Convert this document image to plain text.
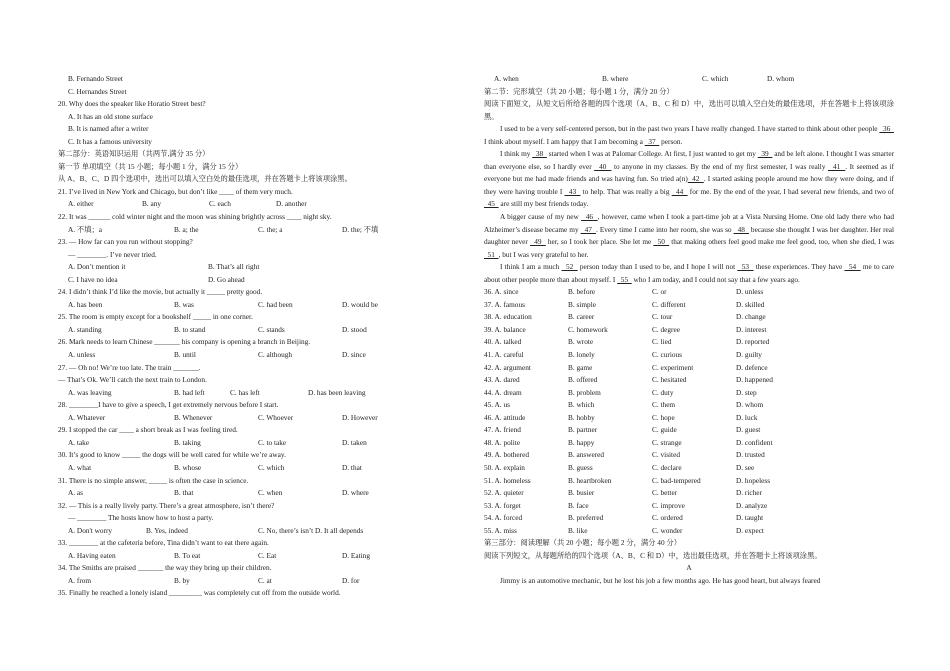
B. Fernando Street
C. Hernandes Street
20. Why does the speaker like Horatio Street best?
A. It has an old stone surface
B. It is named after a writer
C. It has a famous university
第二部分：英语知识运用（共两节,满分 35 分）
第一节 单项填空（共 15 小题；每小题 1 分，满分 15 分）
从 A、B、C、D 四个选项中，选出可以填入空白处的最佳选项，并在答题卡上将该项涂黑。
21. I’ve lived in New York and Chicago, but don’t like ____ of them very much.
A. either	B. any	C. each	D. another
22. It was ______ cold winter night and the moon was shining brightly across ____ night sky.
A. 不填；a	B. a; the	C. the; a	D. the; 不填
23. — How far can you run without stopping?
— ________. I’ve never tried.
A. Don’t mention it	B. That’s all right
C. I have no idea	D. Go ahead
24. I didn’t think I’d like the movie, but actually it _____ pretty good.
A. has been	B. was	C. had been	D. would be
25. The room is empty except for a bookshelf _____ in one corner.
A. standing	B. to stand	C. stands	D. stood
26. Mark needs to learn Chinese _______ his company is opening a branch in Beijing.
A. unless	B. until	C. although	D. since
27. — Oh no! We’re too late. The train _______.
— That’s Ok. We’ll catch the next train to London.
A. was leaving	B. had left	C. has left	D. has been leaving
28. ________I have to give a speech, I get extremely nervous before I start.
A. Whatever	B. Whenever	C. Whoever	D. However
29. I stopped the car ____ a short break as I was feeling tired.
A. take	B. taking	C. to take	D. taken
30. It’s good to know _____ the dogs will be well cared for while we’re away.
A. what	B. whose	C. which	D. that
31. There is no simple answer, _____ is often the case in science.
A. as	B. that	C. when	D. where
32. — This is a really lively party. There’s a great atmosphere, isn’t there?
— ________ The hosts know how to host a party.
A. Don't worry	B. Yes, indeed	C. No, there’s isn’t D. It all depends
33. ________ at the cafeteria before, Tina didn’t want to eat there again.
A. Having eaten	B. To eat	C. Eat	D. Eating
34. The Smiths are praised _______ the way they bring up their children.
A. from	B. by	C. at	D. for
35. Finally he reached a lonely island _________ was completely cut off from the outside world.
A. when	B. where	C. which	D. whom
第二节：完形填空（共 20 小题；每小题 1 分，满分 20 分）
阅读下面短文，从短文后所给各题的四个选项（A、B、C 和 D）中，选出可以填入空白处的最佳选项，并在答题卡上将该项涂黑。
I used to be a very self-centered person, but in the past two years I have really changed. I have started to think about other people   36   I think about myself. I am happy that I am becoming a   37   person.
I think my   38   started when I was at Palomar College. At first, I just wanted to get my   39   and be left alone. I thought I was smarter than everyone else, so I hardly ever   40   to anyone in my classes. By the end of my first semester, I was really   41  . It seemed as if everyone but me had made friends and was having fun. So tried a(n)  42  . I started asking people around me how they were doing, and if they were having trouble I   43   to help. That was really a big   44   for me. By the end of the year, I had several new friends, and two of   45   are still my best friends today.
A bigger cause of my new   46  , however, came when I took a part-time job at a Vista Nursing Home. One old lady there who had Alzheimer’s disease became my   47  . Every time I came into her room, she was so   48   because she thought I was her daughter. Her real daughter never   49   her, so I took her place. She let me   50   that making others feel good make me feel good, too, when she died, I was   51  , but I was very grateful to her.
I think I am a much   52   person today than I used to be, and I hope I will not   53   these experiences. They have   54   me to care about other people more than about myself. I   55   who I am today, and I could not say that a few years ago.
36. A. since	B. before	C. or	D. unless
37. A. famous	B. simple	C. different	D. skilled
38. A. education	B. career	C. tour	D. change
39. A. balance	C. homework	C. degree	D. interest
40. A. talked	B. wrote	C. lied	D. reported
41. A. careful	B. lonely	C. curious	D. guilty
42. A. argument	B. game	C. experiment	D. defence
43. A. dared	B. offered	C. hesitated	D. happened
44. A. dream	B. problem	C. duty	D. step
45. A. us	B. which	C. them	D. whom
46. A. attitude	B. hobby	C. hope	D. luck
47. A. friend	B. partner	C. guide	D. guest
48. A. polite	B. happy	C. strange	D. confident
49. A. bothered	B. answered	C. visited	D. trusted
50. A. explain	B. guess	C. declare	D. see
51. A. homeless	B. heartbroken	C. bad-tempered	D. hopeless
52. A. quieter	B. busier	C. better	D. richer
53. A. forget	B. face	C. improve	D. analyze
54. A. forced	B. preferred	C. ordered	D. taught
55. A. miss	B. like	C. wonder	D. expect
第三部分：阅读理解（共 20 小题；每小题 2 分，满分 40 分）
阅读下列短文，从每题所给的四个选项（A、B、C 和 D）中，选出最佳选项，并在答题卡上将该项涂黑。
A
Jimmy is an automotive mechanic, but he lost his job a few months ago. He has good heart, but always feared
